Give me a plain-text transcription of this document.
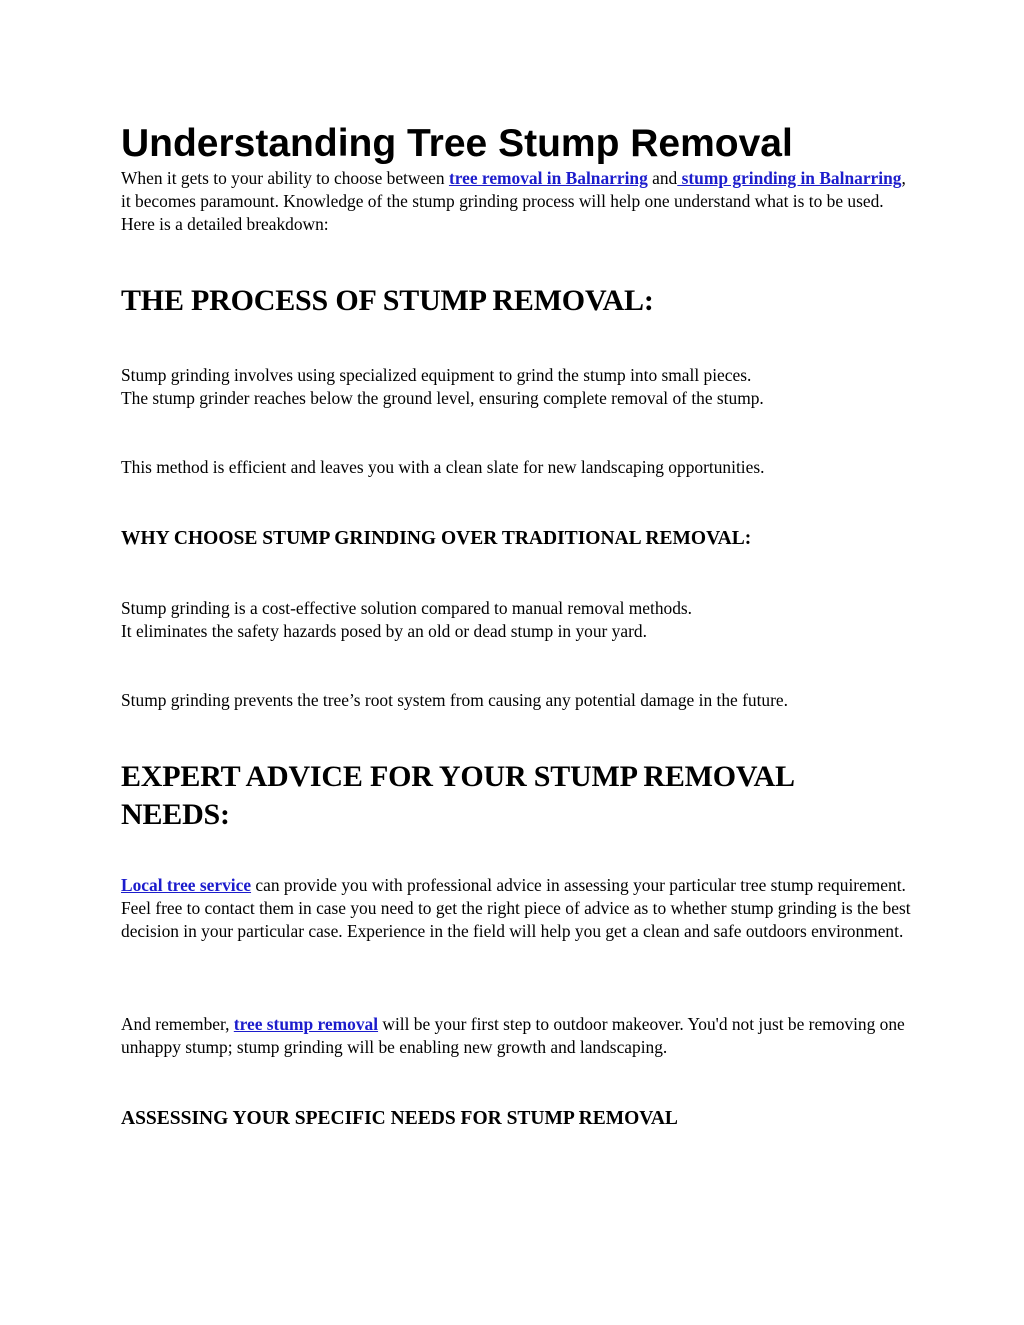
Understanding Tree Stump Removal

When it gets to your ability to choose between tree removal in Balnarring and stump grinding in Balnarring, it becomes paramount. Knowledge of the stump grinding process will help one understand what is to be used. Here is a detailed breakdown:

THE PROCESS OF STUMP REMOVAL:

Stump grinding involves using specialized equipment to grind the stump into small pieces.
The stump grinder reaches below the ground level, ensuring complete removal of the stump.

This method is efficient and leaves you with a clean slate for new landscaping opportunities.

WHY CHOOSE STUMP GRINDING OVER TRADITIONAL REMOVAL:

Stump grinding is a cost-effective solution compared to manual removal methods.
It eliminates the safety hazards posed by an old or dead stump in your yard.

Stump grinding prevents the tree’s root system from causing any potential damage in the future.

EXPERT ADVICE FOR YOUR STUMP REMOVAL NEEDS:

Local tree service can provide you with professional advice in assessing your particular tree stump requirement. Feel free to contact them in case you need to get the right piece of advice as to whether stump grinding is the best decision in your particular case. Experience in the field will help you get a clean and safe outdoors environment.

And remember, tree stump removal will be your first step to outdoor makeover. You'd not just be removing one unhappy stump; stump grinding will be enabling new growth and landscaping.

ASSESSING YOUR SPECIFIC NEEDS FOR STUMP REMOVAL
